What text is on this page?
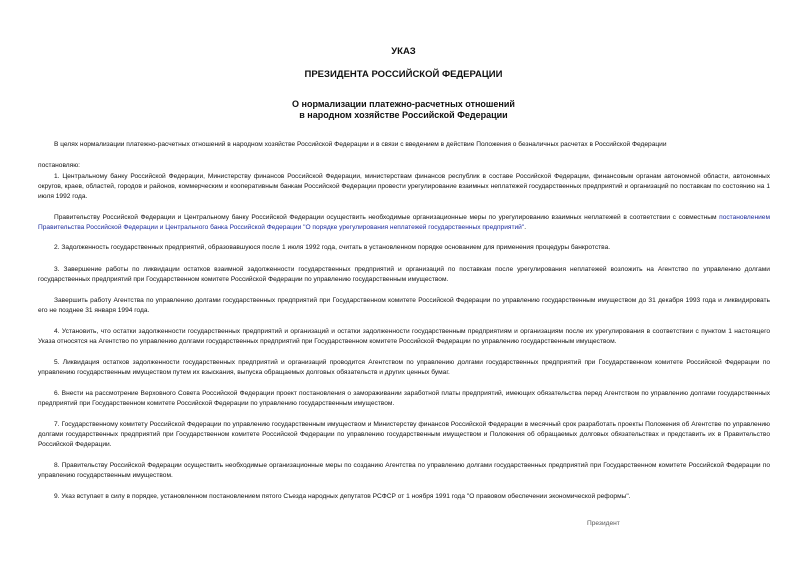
УКАЗ
ПРЕЗИДЕНТА РОССИЙСКОЙ ФЕДЕРАЦИИ
О нормализации платежно-расчетных отношений
в народном хозяйстве Российской Федерации

В целях нормализации платежно-расчетных отношений в народном хозяйстве Российской Федерации и в связи с введением в действие Положения о безналичных расчетах в Российской Федерации

постановляю:

1. Центральному банку Российской Федерации, Министерству финансов Российской Федерации, министерствам финансов республик в составе Российской Федерации, финансовым органам автономной области, автономных округов, краев, областей, городов и районов, коммерческим и кооперативным банкам Российской Федерации провести урегулирование взаимных неплатежей государственных предприятий и организаций по поставкам по состоянию на 1 июля 1992 года.

Правительству Российской Федерации и Центральному банку Российской Федерации осуществить необходимые организационные меры по урегулированию взаимных неплатежей в соответствии с совместным постановлением Правительства Российской Федерации и Центрального банка Российской Федерации "О порядке урегулирования неплатежей государственных предприятий".

2. Задолженность государственных предприятий, образовавшуюся после 1 июля 1992 года, считать в установленном порядке основанием для применения процедуры банкротства.

3. Завершение работы по ликвидации остатков взаимной задолженности государственных предприятий и организаций по поставкам после урегулирования неплатежей возложить на Агентство по управлению долгами государственных предприятий при Государственном комитете Российской Федерации по управлению государственным имуществом.

Завершить работу Агентства по управлению долгами государственных предприятий при Государственном комитете Российской Федерации по управлению государственным имуществом до 31 декабря 1993 года и ликвидировать его не позднее 31 января 1994 года.

4. Установить, что остатки задолженности государственных предприятий и организаций и остатки задолженности государственным предприятиям и организациям после их урегулирования в соответствии с пунктом 1 настоящего Указа относятся на Агентство по управлению долгами государственных предприятий при Государственном комитете Российской Федерации по управлению государственным имуществом.

5. Ликвидация остатков задолженности государственных предприятий и организаций проводится Агентством по управлению долгами государственных предприятий при Государственном комитете Российской Федерации по управлению государственным имуществом путем их взыскания, выпуска обращаемых долговых обязательств и других ценных бумаг.

6. Внести на рассмотрение Верховного Совета Российской Федерации проект постановления о замораживании заработной платы предприятий, имеющих обязательства перед Агентством по управлению долгами государственных предприятий при Государственном комитете Российской Федерации по управлению государственным имуществом.

7. Государственному комитету Российской Федерации по управлению государственным имуществом и Министерству финансов Российской Федерации в месячный срок разработать проекты Положения об Агентстве по управлению долгами государственных предприятий при Государственном комитете Российской Федерации по управлению государственным имуществом и Положения об обращаемых долговых обязательствах и представить их в Правительство Российской Федерации.

8. Правительству Российской Федерации осуществить необходимые организационные меры по созданию Агентства по управлению долгами государственных предприятий при Государственном комитете Российской Федерации по управлению государственным имуществом.

9. Указ вступает в силу в порядке, установленном постановлением пятого Съезда народных депутатов РСФСР от 1 ноября 1991 года "О правовом обеспечении экономической реформы".

Президент
